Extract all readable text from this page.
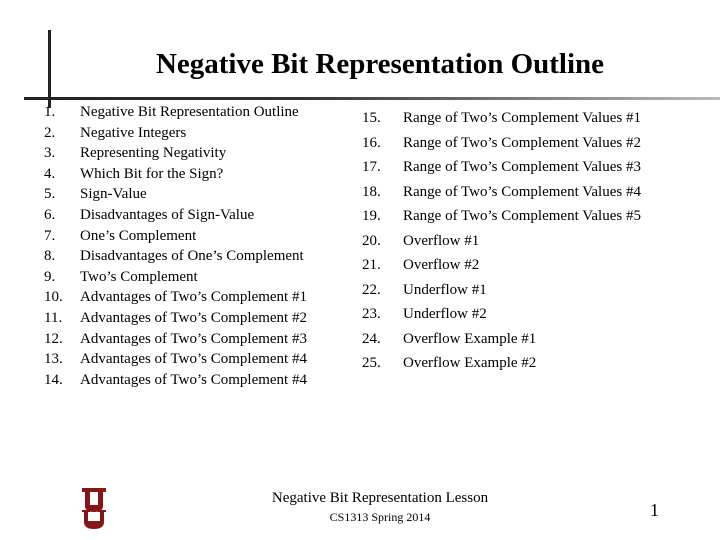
Negative Bit Representation Outline
1. Negative Bit Representation Outline
2. Negative Integers
3. Representing Negativity
4. Which Bit for the Sign?
5. Sign-Value
6. Disadvantages of Sign-Value
7. One’s Complement
8. Disadvantages of One’s Complement
9. Two’s Complement
10. Advantages of Two’s Complement #1
11. Advantages of Two’s Complement #2
12. Advantages of Two’s Complement #3
13. Advantages of Two’s Complement #4
14. Advantages of Two’s Complement #4
15. Range of Two’s Complement Values #1
16. Range of Two’s Complement Values #2
17. Range of Two’s Complement Values #3
18. Range of Two’s Complement Values #4
19. Range of Two’s Complement Values #5
20. Overflow #1
21. Overflow #2
22. Underflow #1
23. Underflow #2
24. Overflow Example #1
25. Overflow Example #2
Negative Bit Representation Lesson
CS1313 Spring 2014	1
